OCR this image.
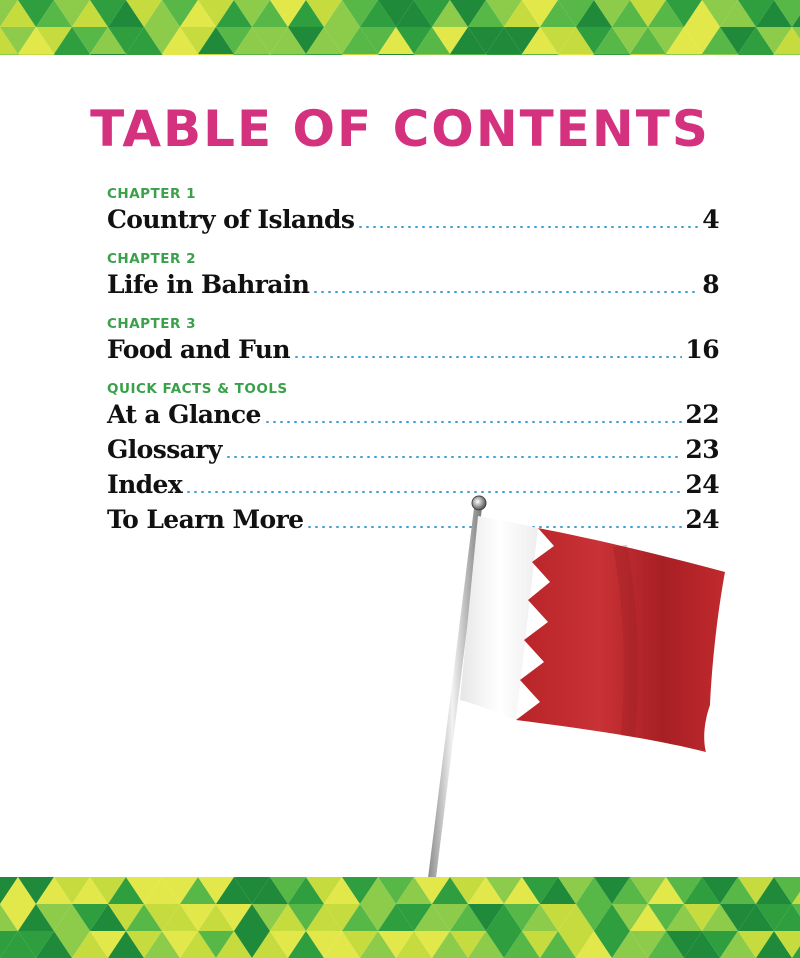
TABLE OF CONTENTS
CHAPTER 1
Country of Islands	4
CHAPTER 2
Life in Bahrain	8
CHAPTER 3
Food and Fun	16
QUICK FACTS & TOOLS
At a Glance	22
Glossary	23
Index	24
To Learn More	24
